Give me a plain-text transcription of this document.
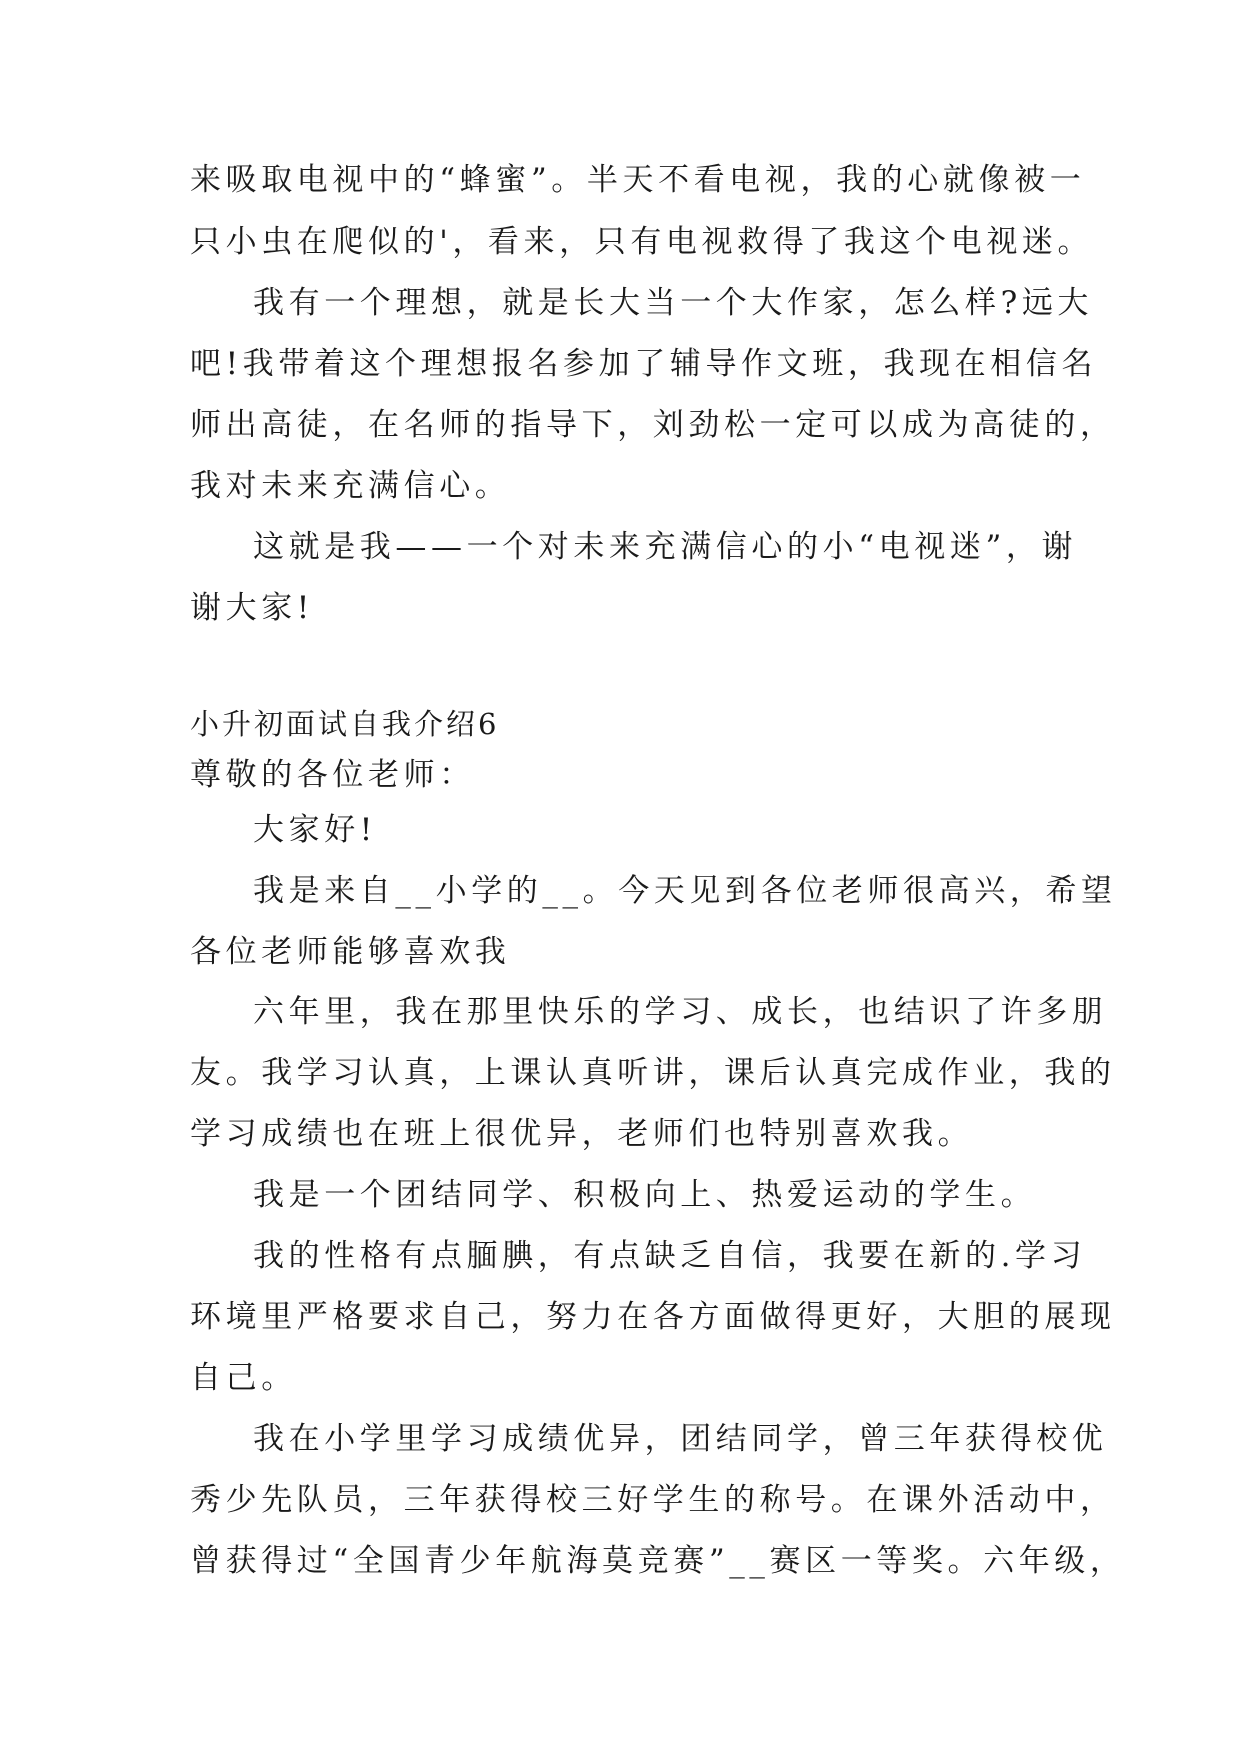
来吸取电视中的“蜂蜜”。半天不看电视，我的心就像被一
只小虫在爬似的'，看来，只有电视救得了我这个电视迷。
我有一个理想，就是长大当一个大作家，怎么样?远大
吧!我带着这个理想报名参加了辅导作文班，我现在相信名
师出高徒，在名师的指导下，刘劲松一定可以成为高徒的，
我对未来充满信心。
这就是我——一个对未来充满信心的小“电视迷”，谢
谢大家!
小升初面试自我介绍6
尊敬的各位老师：
大家好!
我是来自__小学的__。今天见到各位老师很高兴，希望
各位老师能够喜欢我
六年里，我在那里快乐的学习、成长，也结识了许多朋
友。我学习认真，上课认真听讲，课后认真完成作业，我的
学习成绩也在班上很优异，老师们也特别喜欢我。
我是一个团结同学、积极向上、热爱运动的学生。
我的性格有点腼腆，有点缺乏自信，我要在新的.学习
环境里严格要求自己，努力在各方面做得更好，大胆的展现
自己。
我在小学里学习成绩优异，团结同学，曾三年获得校优
秀少先队员，三年获得校三好学生的称号。在课外活动中，
曾获得过“全国青少年航海莫竞赛”__赛区一等奖。六年级，
